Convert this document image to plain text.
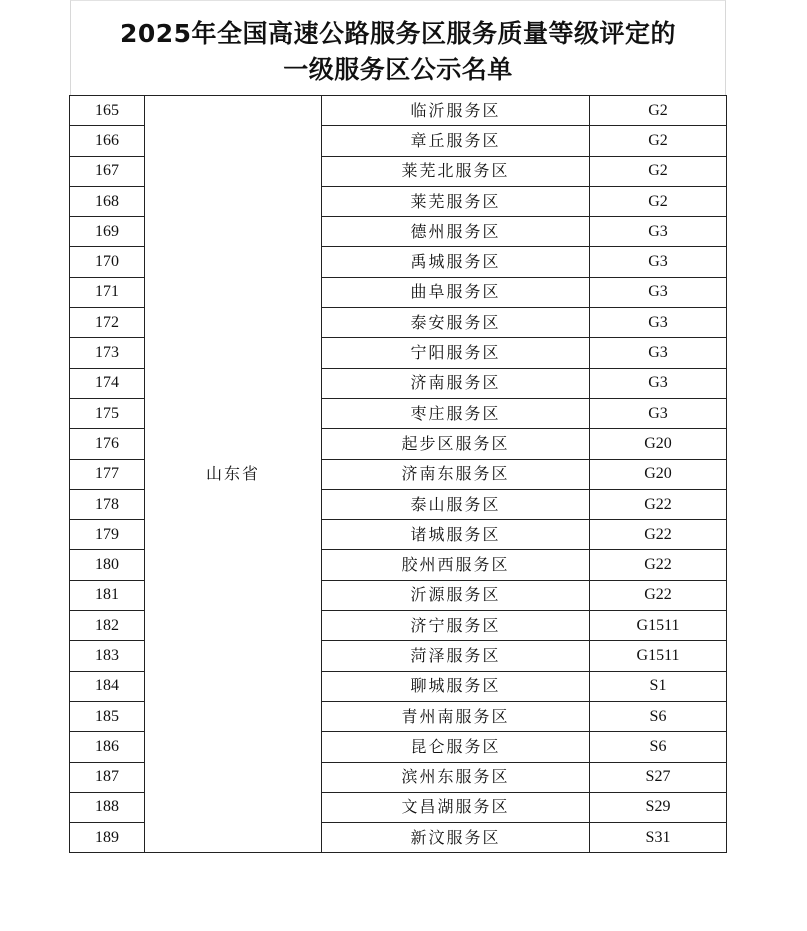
2025年全国高速公路服务区服务质量等级评定的
一级服务区公示名单
165	山东省	临沂服务区	G2
166		章丘服务区	G2
167		莱芜北服务区	G2
168		莱芜服务区	G2
169		德州服务区	G3
170		禹城服务区	G3
171		曲阜服务区	G3
172		泰安服务区	G3
173		宁阳服务区	G3
174		济南服务区	G3
175		枣庄服务区	G3
176		起步区服务区	G20
177		济南东服务区	G20
178		泰山服务区	G22
179		诸城服务区	G22
180		胶州西服务区	G22
181		沂源服务区	G22
182		济宁服务区	G1511
183		菏泽服务区	G1511
184		聊城服务区	S1
185		青州南服务区	S6
186		昆仑服务区	S6
187		滨州东服务区	S27
188		文昌湖服务区	S29
189		新汶服务区	S31
